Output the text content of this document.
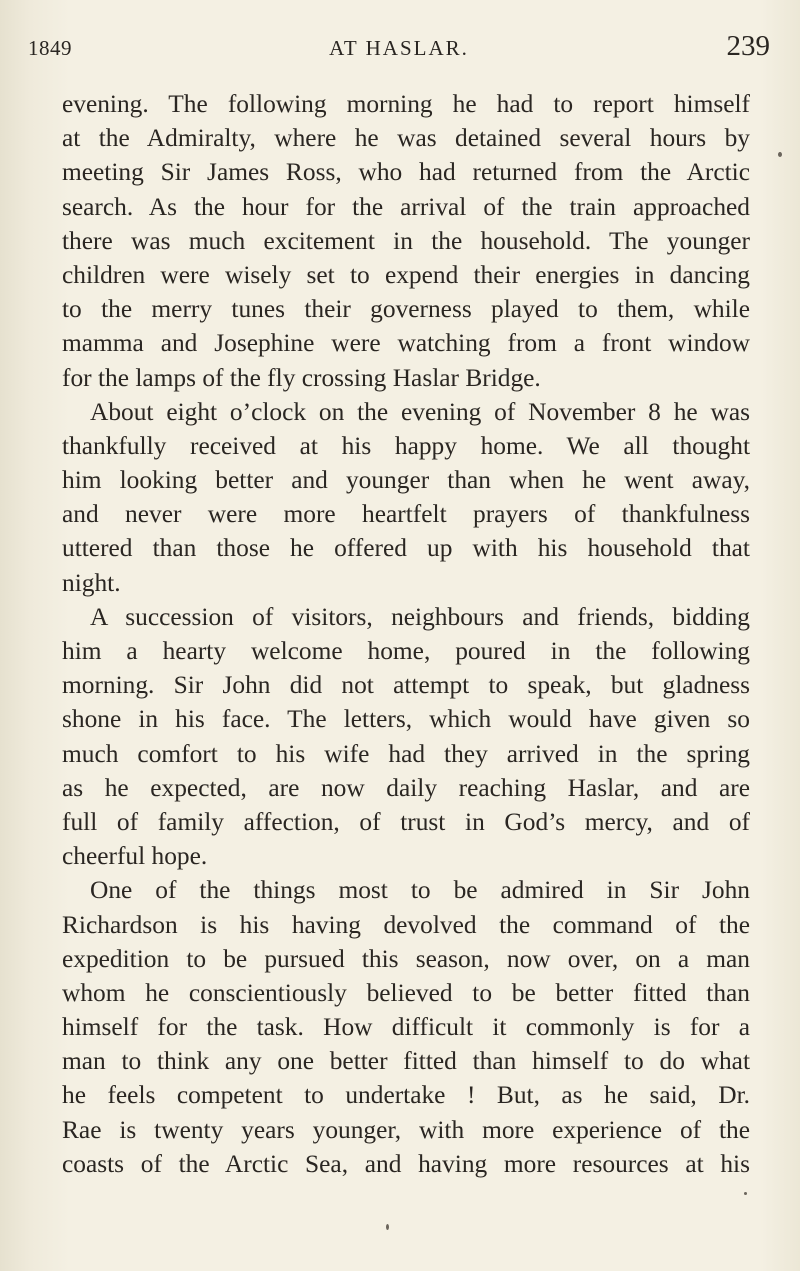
1849	AT HASLAR.	239
evening. The following morning he had to report himself
at the Admiralty, where he was detained several hours by
meeting Sir James Ross, who had returned from the Arctic
search. As the hour for the arrival of the train approached
there was much excitement in the household. The younger
children were wisely set to expend their energies in dancing
to the merry tunes their governess played to them, while
mamma and Josephine were watching from a front window
for the lamps of the fly crossing Haslar Bridge.
About eight o’clock on the evening of November 8 he was
thankfully received at his happy home. We all thought
him looking better and younger than when he went away,
and never were more heartfelt prayers of thankfulness
uttered than those he offered up with his household that
night.
A succession of visitors, neighbours and friends, bidding
him a hearty welcome home, poured in the following
morning. Sir John did not attempt to speak, but gladness
shone in his face. The letters, which would have given so
much comfort to his wife had they arrived in the spring
as he expected, are now daily reaching Haslar, and are
full of family affection, of trust in God’s mercy, and of
cheerful hope.
One of the things most to be admired in Sir John
Richardson is his having devolved the command of the
expedition to be pursued this season, now over, on a man
whom he conscientiously believed to be better fitted than
himself for the task. How difficult it commonly is for a
man to think any one better fitted than himself to do what
he feels competent to undertake ! But, as he said, Dr.
Rae is twenty years younger, with more experience of the
coasts of the Arctic Sea, and having more resources at his
